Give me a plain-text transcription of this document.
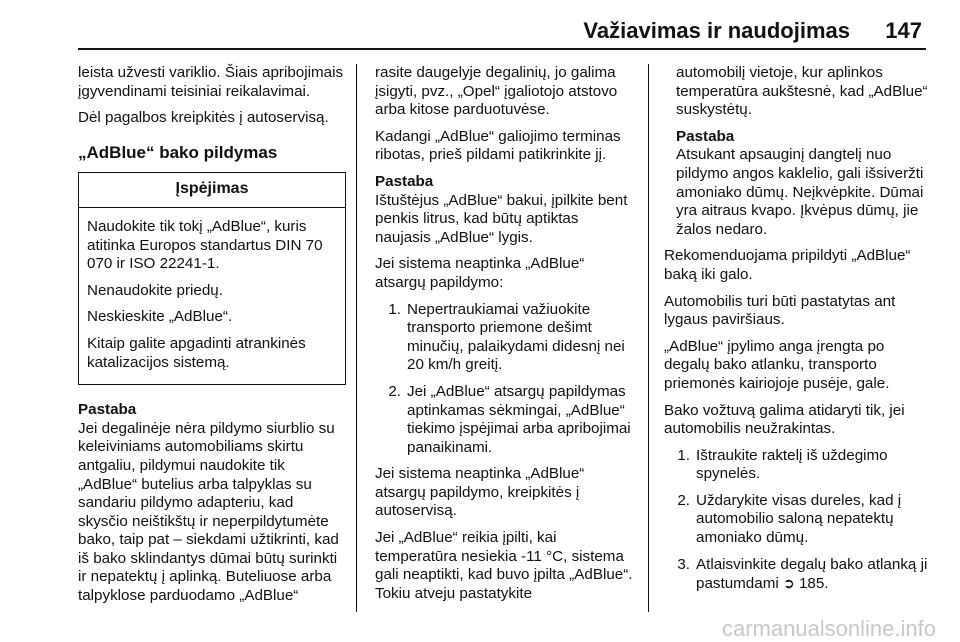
Važiavimas ir naudojimas	147

leista užvesti variklio. Šiais apribojimais įgyvendinami teisiniai reikalavimai.

Dėl pagalbos kreipkitės į autoservisą.

„AdBlue“ bako pildymas
Įspėjimas

Naudokite tik tokį „AdBlue“, kuris atitinka Europos standartus DIN 70 070 ir ISO 22241-1.

Nenaudokite priedų.

Neskieskite „AdBlue“.

Kitaip galite apgadinti atrankinės katalizacijos sistemą.

Pastaba

Jei degalinėje nėra pildymo siurblio su keleiviniams automobiliams skirtu antgaliu, pildymui naudokite tik „AdBlue“ butelius arba talpyklas su sandariu pildymo adapteriu, kad skysčio neištikštų ir neperpildytumėte bako, taip pat – siekdami užtikrinti, kad iš bako sklindantys dūmai būtų surinkti ir nepatektų į aplinką. Buteliuose arba talpyklose parduodamo „AdBlue“

rasite daugelyje degalinių, jo galima įsigyti, pvz., „Opel“ įgaliotojo atstovo arba kitose parduotuvėse.

Kadangi „AdBlue“ galiojimo terminas ribotas, prieš pildami patikrinkite jį.

Pastaba

Ištuštėjus „AdBlue“ bakui, įpilkite bent penkis litrus, kad būtų aptiktas naujasis „AdBlue“ lygis.

Jei sistema neaptinka „AdBlue“ atsargų papildymo:

1. Nepertraukiamai važiuokite transporto priemone dešimt minučių, palaikydami didesnį nei 20 km/h greitį.
2. Jei „AdBlue“ atsargų papildymas aptinkamas sėkmingai, „AdBlue“ tiekimo įspėjimai arba apribojimai panaikinami.

Jei sistema neaptinka „AdBlue“ atsargų papildymo, kreipkitės į autoservisą.

Jei „AdBlue“ reikia įpilti, kai temperatūra nesiekia -11 °C, sistema gali neaptikti, kad buvo įpilta „AdBlue“. Tokiu atveju pastatykite

automobilį vietoje, kur aplinkos temperatūra aukštesnė, kad „AdBlue“ suskystėtų.

Pastaba

Atsukant apsauginį dangtelį nuo pildymo angos kaklelio, gali išsiveržti amoniako dūmų. Neįkvėpkite. Dūmai yra aitraus kvapo. Įkvėpus dūmų, jie žalos nedaro.

Rekomenduojama pripildyti „AdBlue“ baką iki galo.

Automobilis turi būti pastatytas ant lygaus paviršiaus.

„AdBlue“ įpylimo anga įrengta po degalų bako atlanku, transporto priemonės kairiojoje pusėje, gale.

Bako vožtuvą galima atidaryti tik, jei automobilis neužrakintas.

1. Ištraukite raktelį iš uždegimo spynelės.
2. Uždarykite visas dureles, kad į automobilio saloną nepatektų amoniako dūmų.
3. Atlaisvinkite degalų bako atlanką ji pastumdami ➲ 185.
carmanualsonline.info
